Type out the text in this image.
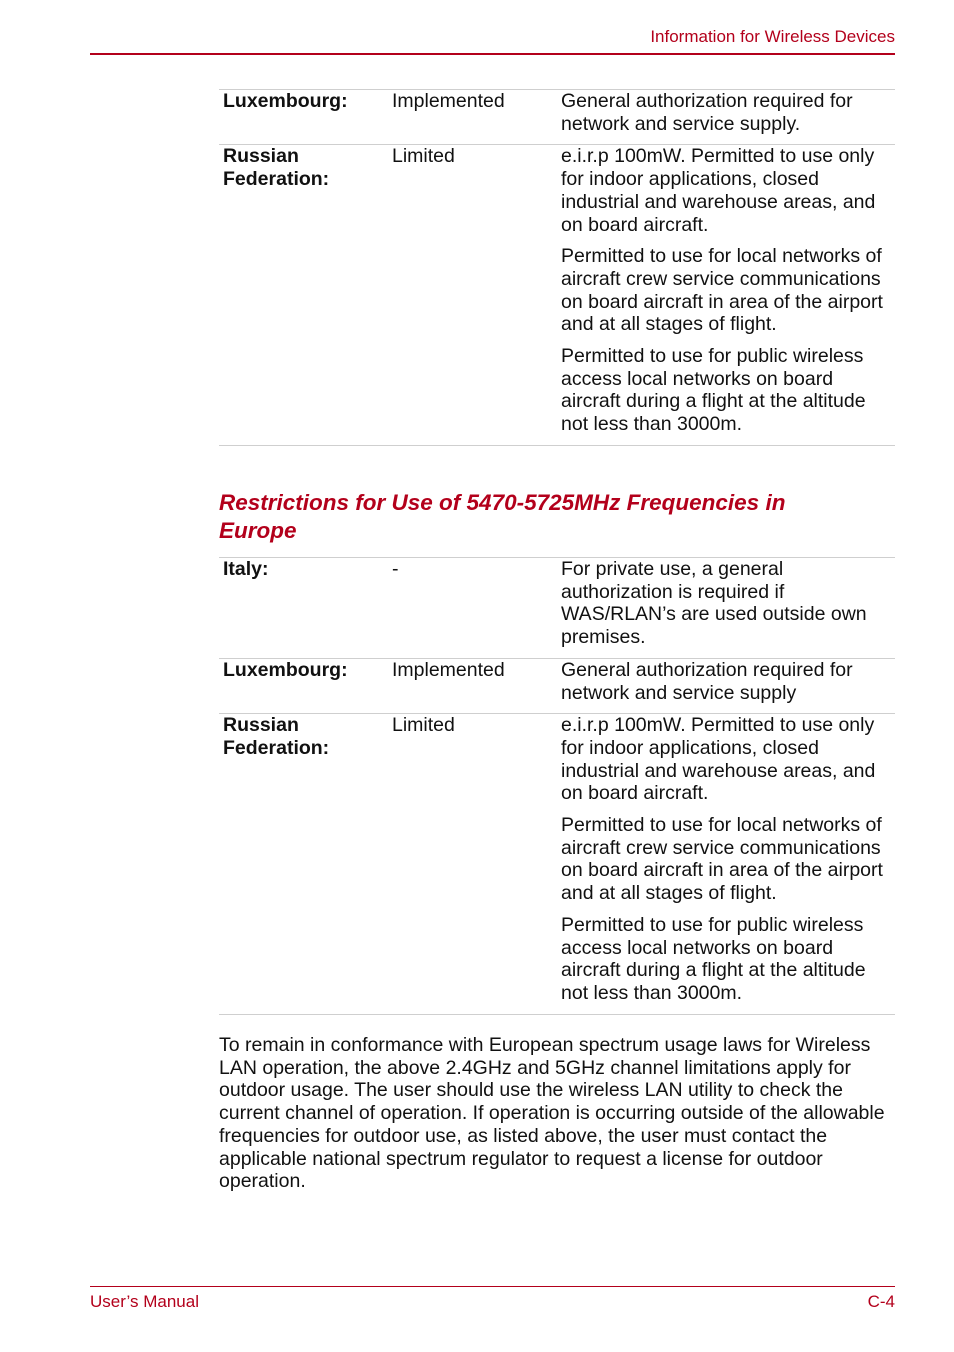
Information for Wireless Devices
Luxembourg:	Implemented	General authorization required for network and service supply.

Russian Federation:	Limited	e.i.r.p 100mW. Permitted to use only for indoor applications, closed industrial and warehouse areas, and on board aircraft.

Permitted to use for local networks of aircraft crew service communications on board aircraft in area of the airport and at all stages of flight.

Permitted to use for public wireless access local networks on board aircraft during a flight at the altitude not less than 3000m.

Restrictions for Use of 5470-5725MHz Frequencies in Europe
Italy:	-	For private use, a general authorization is required if WAS/RLAN’s are used outside own premises.

Luxembourg:	Implemented	General authorization required for network and service supply

Russian Federation:	Limited	e.i.r.p 100mW. Permitted to use only for indoor applications, closed industrial and warehouse areas, and on board aircraft.

Permitted to use for local networks of aircraft crew service communications on board aircraft in area of the airport and at all stages of flight.

Permitted to use for public wireless access local networks on board aircraft during a flight at the altitude not less than 3000m.

To remain in conformance with European spectrum usage laws for Wireless LAN operation, the above 2.4GHz and 5GHz channel limitations apply for outdoor usage. The user should use the wireless LAN utility to check the current channel of operation. If operation is occurring outside of the allowable frequencies for outdoor use, as listed above, the user must contact the applicable national spectrum regulator to request a license for outdoor operation.

User’s Manual	C-4
